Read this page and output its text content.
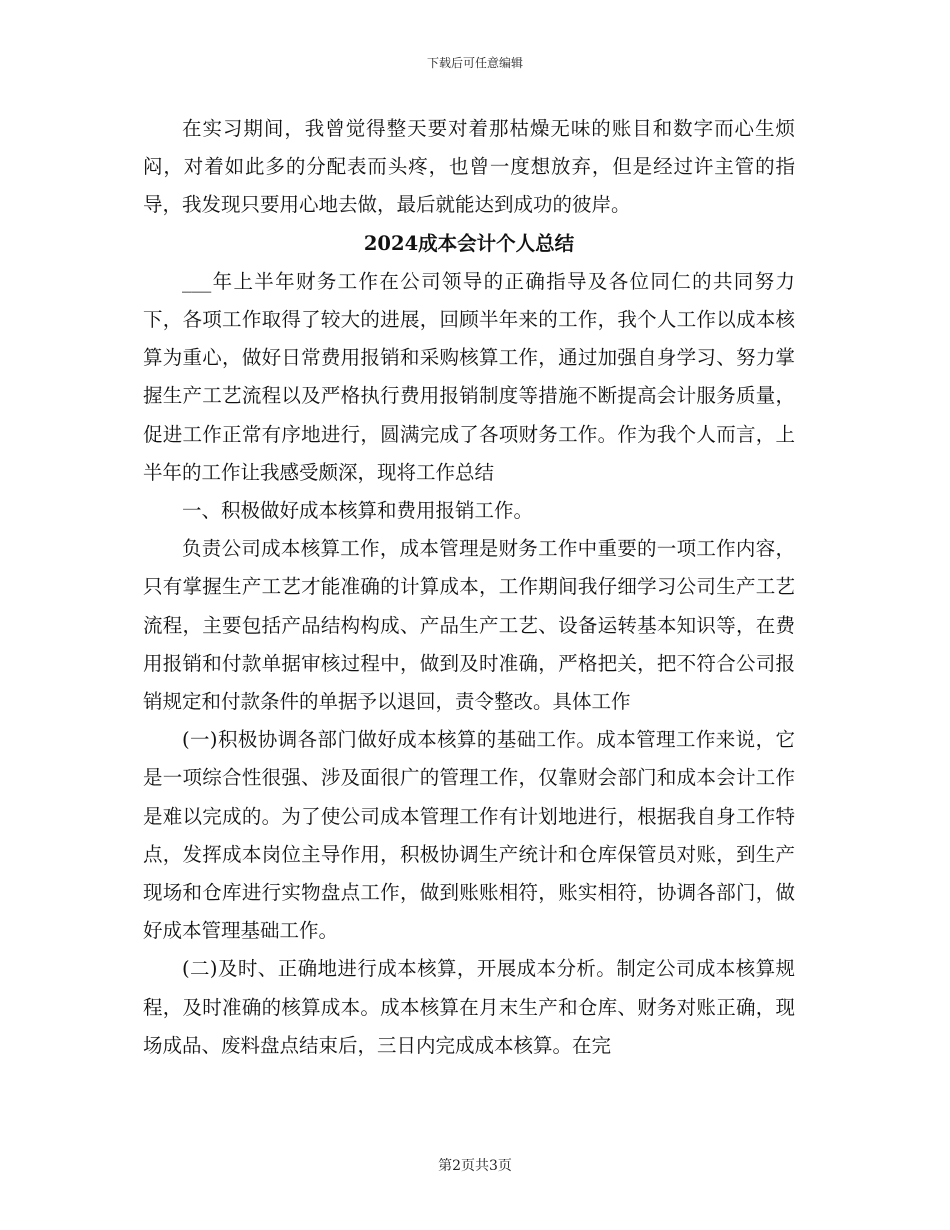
下载后可任意编辑

在实习期间，我曾觉得整天要对着那枯燥无味的账目和数字而心生烦闷，对着如此多的分配表而头疼，也曾一度想放弃，但是经过许主管的指导，我发现只要用心地去做，最后就能达到成功的彼岸。

2024成本会计个人总结

___年上半年财务工作在公司领导的正确指导及各位同仁的共同努力下，各项工作取得了较大的进展，回顾半年来的工作，我个人工作以成本核算为重心，做好日常费用报销和采购核算工作，通过加强自身学习、努力掌握生产工艺流程以及严格执行费用报销制度等措施不断提高会计服务质量，促进工作正常有序地进行，圆满完成了各项财务工作。作为我个人而言，上半年的工作让我感受颇深，现将工作总结

一、积极做好成本核算和费用报销工作。

负责公司成本核算工作，成本管理是财务工作中重要的一项工作内容，只有掌握生产工艺才能准确的计算成本，工作期间我仔细学习公司生产工艺流程，主要包括产品结构构成、产品生产工艺、设备运转基本知识等，在费用报销和付款单据审核过程中，做到及时准确，严格把关，把不符合公司报销规定和付款条件的单据予以退回，责令整改。具体工作

(一)积极协调各部门做好成本核算的基础工作。成本管理工作来说，它是一项综合性很强、涉及面很广的管理工作，仅靠财会部门和成本会计工作是难以完成的。为了使公司成本管理工作有计划地进行，根据我自身工作特点，发挥成本岗位主导作用，积极协调生产统计和仓库保管员对账，到生产现场和仓库进行实物盘点工作，做到账账相符，账实相符，协调各部门，做好成本管理基础工作。

(二)及时、正确地进行成本核算，开展成本分析。制定公司成本核算规程，及时准确的核算成本。成本核算在月末生产和仓库、财务对账正确，现场成品、废料盘点结束后，三日内完成成本核算。在完

第2页共3页
